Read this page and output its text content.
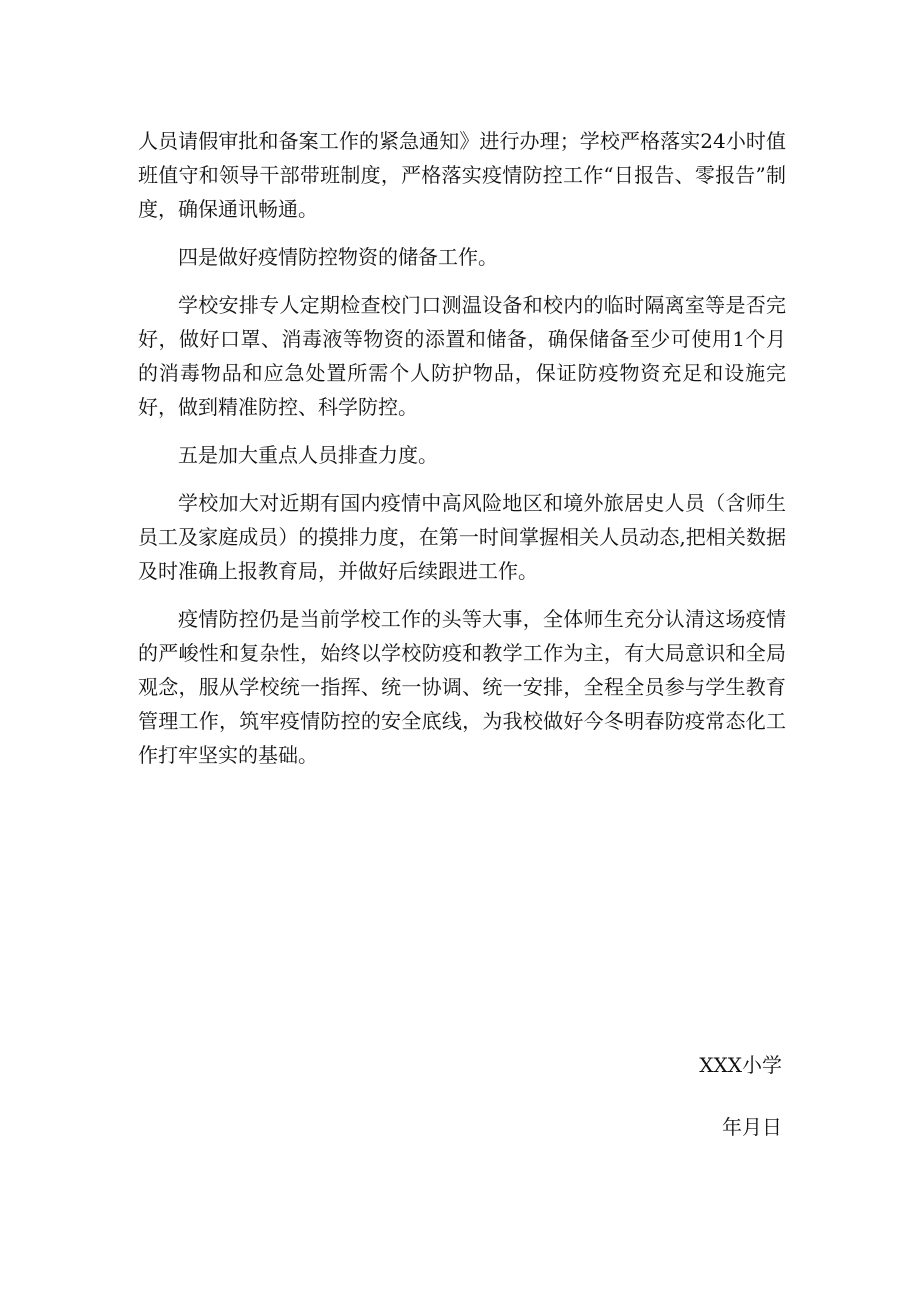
人员请假审批和备案工作的紧急通知》进行办理；学校严格落实24小时值班值守和领导干部带班制度，严格落实疫情防控工作“日报告、零报告”制度，确保通讯畅通。

四是做好疫情防控物资的储备工作。

学校安排专人定期检查校门口测温设备和校内的临时隔离室等是否完好，做好口罩、消毒液等物资的添置和储备，确保储备至少可使用1个月的消毒物品和应急处置所需个人防护物品，保证防疫物资充足和设施完好，做到精准防控、科学防控。

五是加大重点人员排查力度。

学校加大对近期有国内疫情中高风险地区和境外旅居史人员（含师生员工及家庭成员）的摸排力度，在第一时间掌握相关人员动态,把相关数据及时准确上报教育局，并做好后续跟进工作。

疫情防控仍是当前学校工作的头等大事，全体师生充分认清这场疫情的严峻性和复杂性，始终以学校防疫和教学工作为主，有大局意识和全局观念，服从学校统一指挥、统一协调、统一安排，全程全员参与学生教育管理工作，筑牢疫情防控的安全底线，为我校做好今冬明春防疫常态化工作打牢坚实的基础。

XXX小学
年月日
